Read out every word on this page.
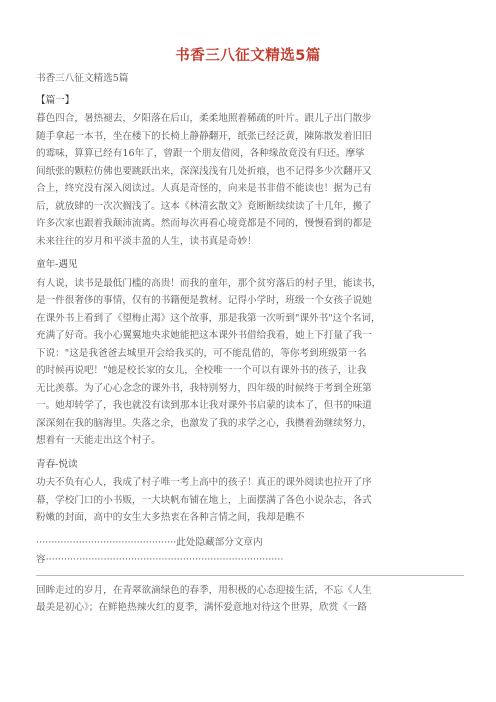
书香三八征文精选5篇
书香三八征文精选5篇
【篇一】
暮色四合，暑热褪去，夕阳落在后山，柔柔地照着稀疏的叶片。跟儿子出门散步
随手拿起一本书，坐在楼下的长椅上静静翻开，纸张已经泛黄，陳陈散发着旧旧
的霉味，算算已经有16年了，曾跟一个朋友借阅，各种缘故竟没有归还。摩挲
间纸张的颗粒仿佛也要跳跃出来，深深浅浅有几处折痕，也不记得多少次翻开又
合上，终究没有深入阅读过。人真是奇怪的，向来是书非借不能读也！据为己有
后，就放肆的一次次搁浅了。这本《林清玄散文》竟断断续续读了十几年，搬了
许多次家也跟着我颠沛流离。然而每次再看心境竟都是不同的，慢慢看到的都是
未来往往的岁月和平淡丰盈的人生，读书真是奇妙！
童年-遇见
有人说，读书是最低门槛的高贵！而我的童年，那个贫穷落后的村子里，能读书，
是一件很奢侈的事情，仅有的书籍便是教材。记得小学时，班级一个女孩子说她
在课外书上看到了《望梅止渴》这个故事，那是我第一次听到"课外书"这个名词，
充满了好奇。我小心翼翼地央求她能把这本课外书借给我看，她上下打量了我一
下说："这是我爸爸去城里开会给我买的，可不能乱借的，等你考到班级第一名
的时候再说吧！"她是校长家的女儿，全校唯一一个可以有课外书的孩子，让我
无比羡慕。为了心心念念的课外书，我特别努力，四年级的时候终于考到全班第
一。她却转学了，我也就没有读到那本让我对课外书启蒙的读本了，但书的味道
深深刻在我的脑海里。失落之余，也激发了我的求学之心，我攒着劲继续努力，
想着有一天能走出这个村子。
青春-悦读
功夫不负有心人，我成了村子唯一考上高中的孩子！真正的课外阅读也拉开了序
幕，学校门口的小书贩，一大块帆布铺在地上，上面摆满了各色小说杂志，各式
粉嫩的封面，高中的女生大多热衷在各种言情之间，我却是瞧不
··············································此处隐藏部分文章内
容··············································································
回眸走过的岁月，在青翠欲滴绿色的春季，用积极的心态迎接生活，不忘《人生
最美是初心》；在鲜艳热辣火红的夏季，满怀爱意地对待这个世界，欣赏《一路
